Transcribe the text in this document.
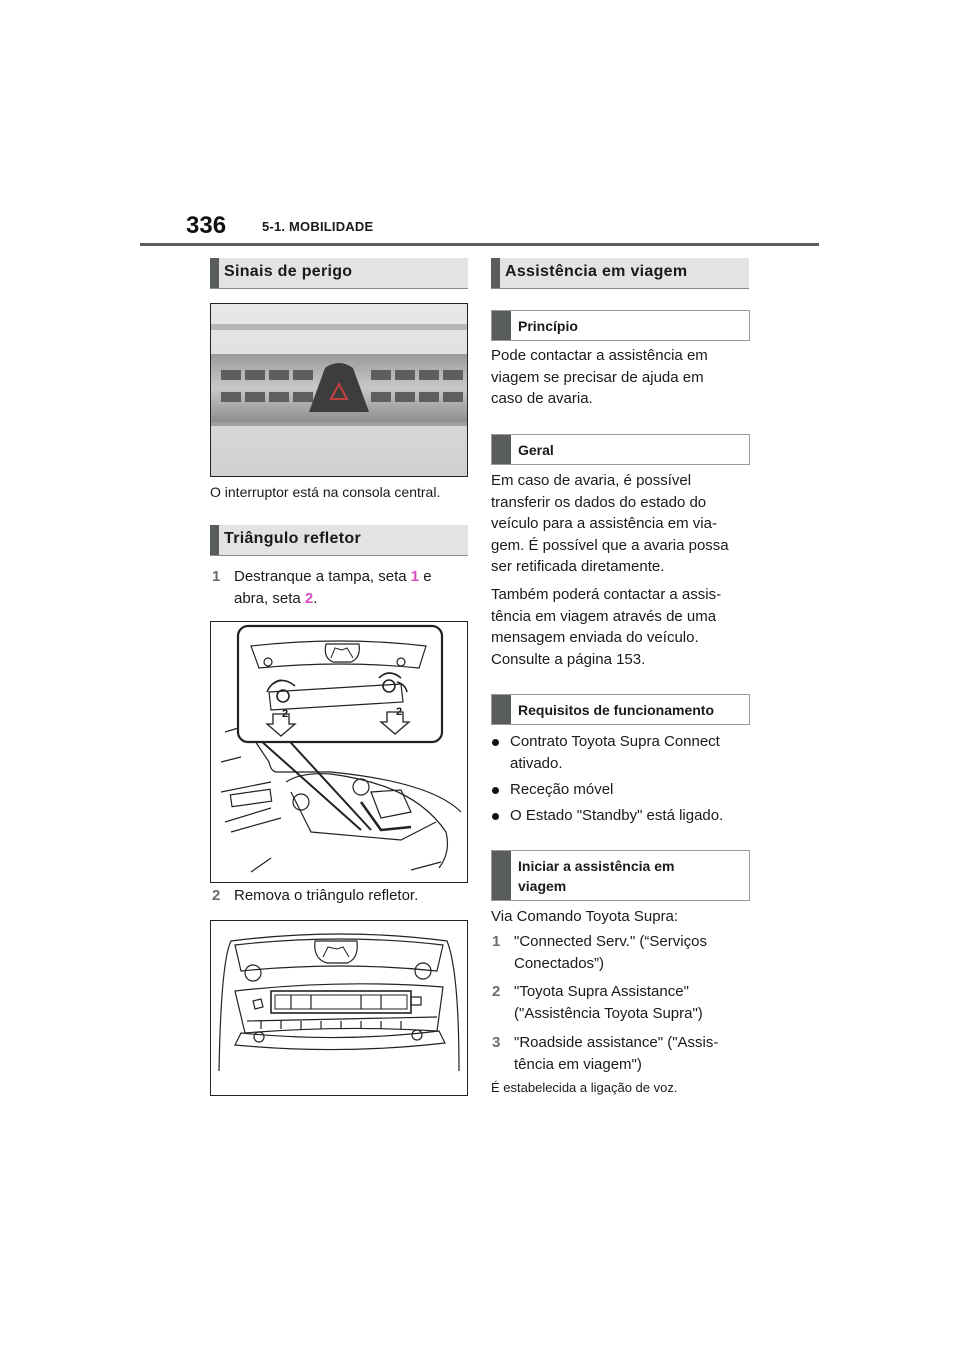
336	5-1. MOBILIDADE
Sinais de perigo
O interruptor está na consola central.
Triângulo refletor
1 Destranque a tampa, seta 1 e
abra, seta 2.
2	2
2 Remova o triângulo refletor.
Assistência em viagem
Princípio
Pode contactar a assistência em
viagem se precisar de ajuda em
caso de avaria.
Geral
Em caso de avaria, é possível
transferir os dados do estado do
veículo para a assistência em via-
gem. É possível que a avaria possa
ser retificada diretamente.
Também poderá contactar a assis-
tência em viagem através de uma
mensagem enviada do veículo.
Consulte a página 153.
Requisitos de funcionamento
Contrato Toyota Supra Connect
ativado.
Receção móvel
O Estado "Standby" está ligado.
Iniciar a assistência em
viagem
Via Comando Toyota Supra:
1 "Connected Serv." (“Serviços
Conectados”)
2 "Toyota Supra Assistance"
("Assistência Toyota Supra")
3 "Roadside assistance" ("Assis-
tência em viagem")
É estabelecida a ligação de voz.
